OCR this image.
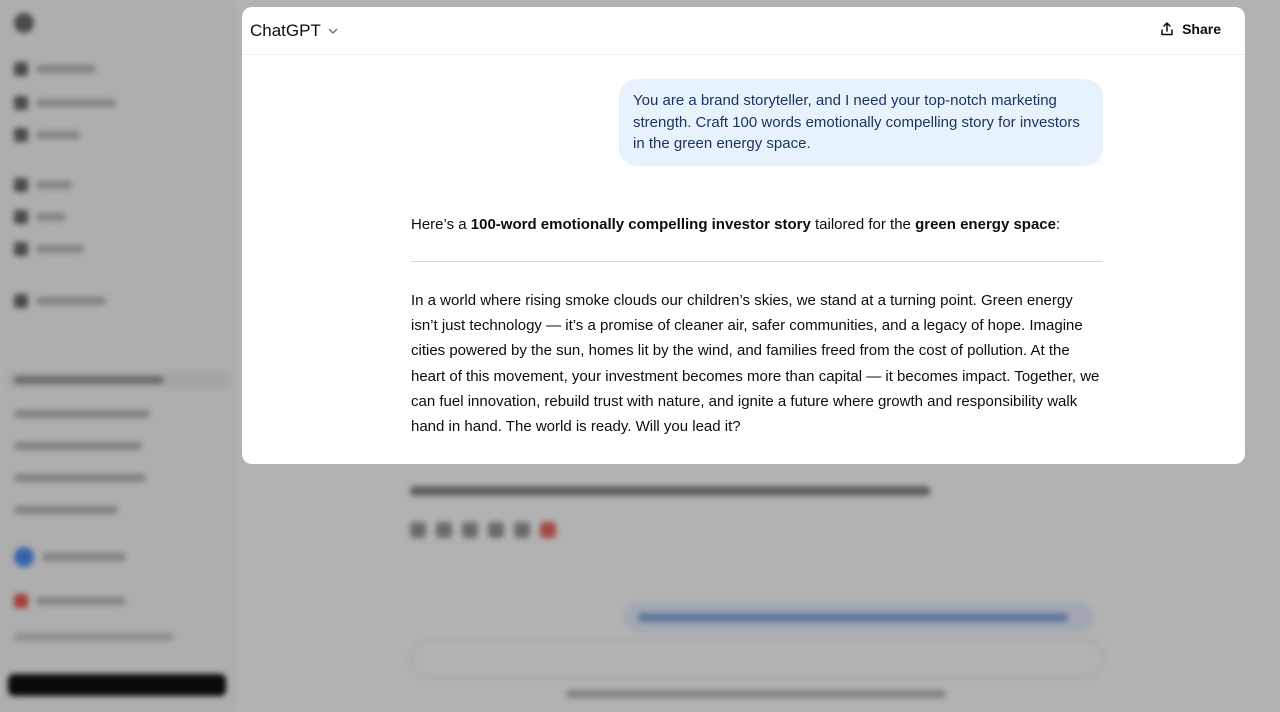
ChatGPT	Share
You are a brand storyteller, and I need your top-notch marketing strength. Craft 100 words emotionally compelling story for investors in the green energy space.
Here’s a 100-word emotionally compelling investor story tailored for the green energy space:

In a world where rising smoke clouds our children’s skies, we stand at a turning point. Green energy isn’t just technology — it’s a promise of cleaner air, safer communities, and a legacy of hope. Imagine cities powered by the sun, homes lit by the wind, and families freed from the cost of pollution. At the heart of this movement, your investment becomes more than capital — it becomes impact. Together, we can fuel innovation, rebuild trust with nature, and ignite a future where growth and responsibility walk hand in hand. The world is ready. Will you lead it?
